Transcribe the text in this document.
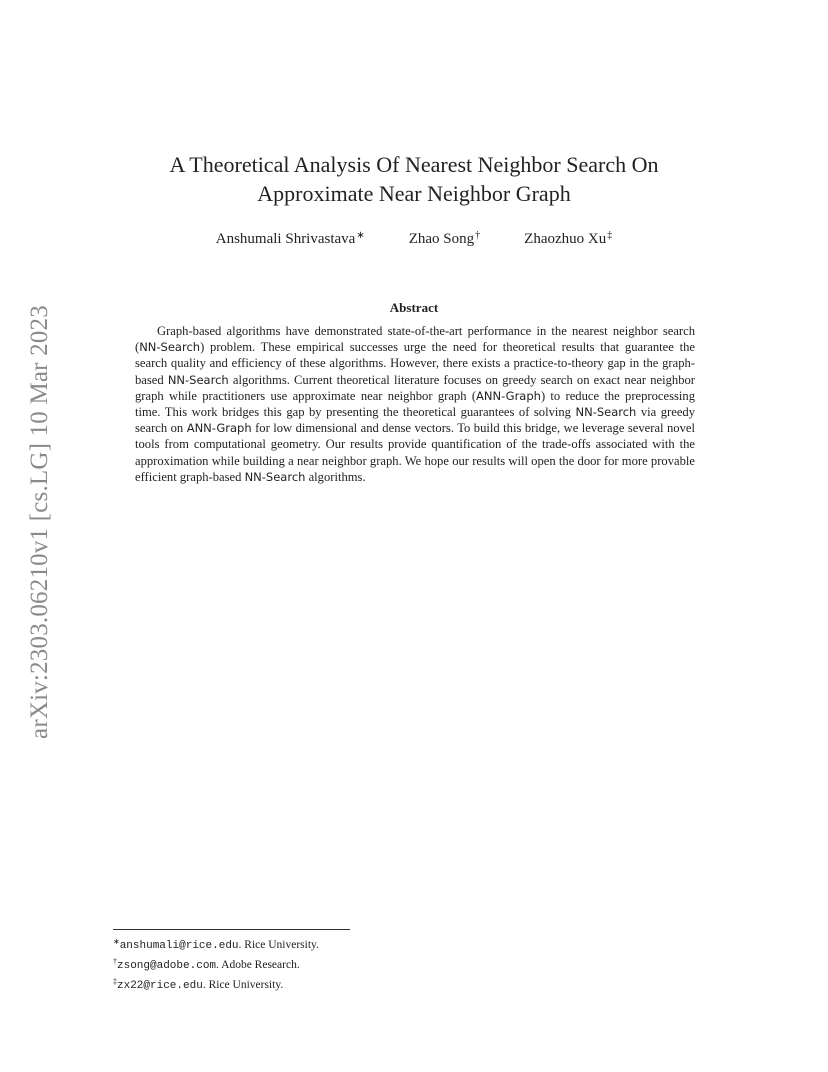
arXiv:2303.06210v1 [cs.LG] 10 Mar 2023
A Theoretical Analysis Of Nearest Neighbor Search On
Approximate Near Neighbor Graph
Anshumali Shrivastava∗	Zhao Song†	Zhaozhuo Xu‡
Abstract
Graph-based algorithms have demonstrated state-of-the-art performance in the nearest neighbor search (NN-Search) problem. These empirical successes urge the need for theoretical results that guarantee the search quality and efficiency of these algorithms. However, there exists a practice-to-theory gap in the graph-based NN-Search algorithms. Current theoretical literature focuses on greedy search on exact near neighbor graph while practitioners use approximate near neighbor graph (ANN-Graph) to reduce the preprocessing time. This work bridges this gap by presenting the theoretical guarantees of solving NN-Search via greedy search on ANN-Graph for low dimensional and dense vectors. To build this bridge, we leverage several novel tools from computational geometry. Our results provide quantification of the trade-offs associated with the approximation while building a near neighbor graph. We hope our results will open the door for more provable efficient graph-based NN-Search algorithms.
∗anshumali@rice.edu. Rice University.
†zsong@adobe.com. Adobe Research.
‡zx22@rice.edu. Rice University.
